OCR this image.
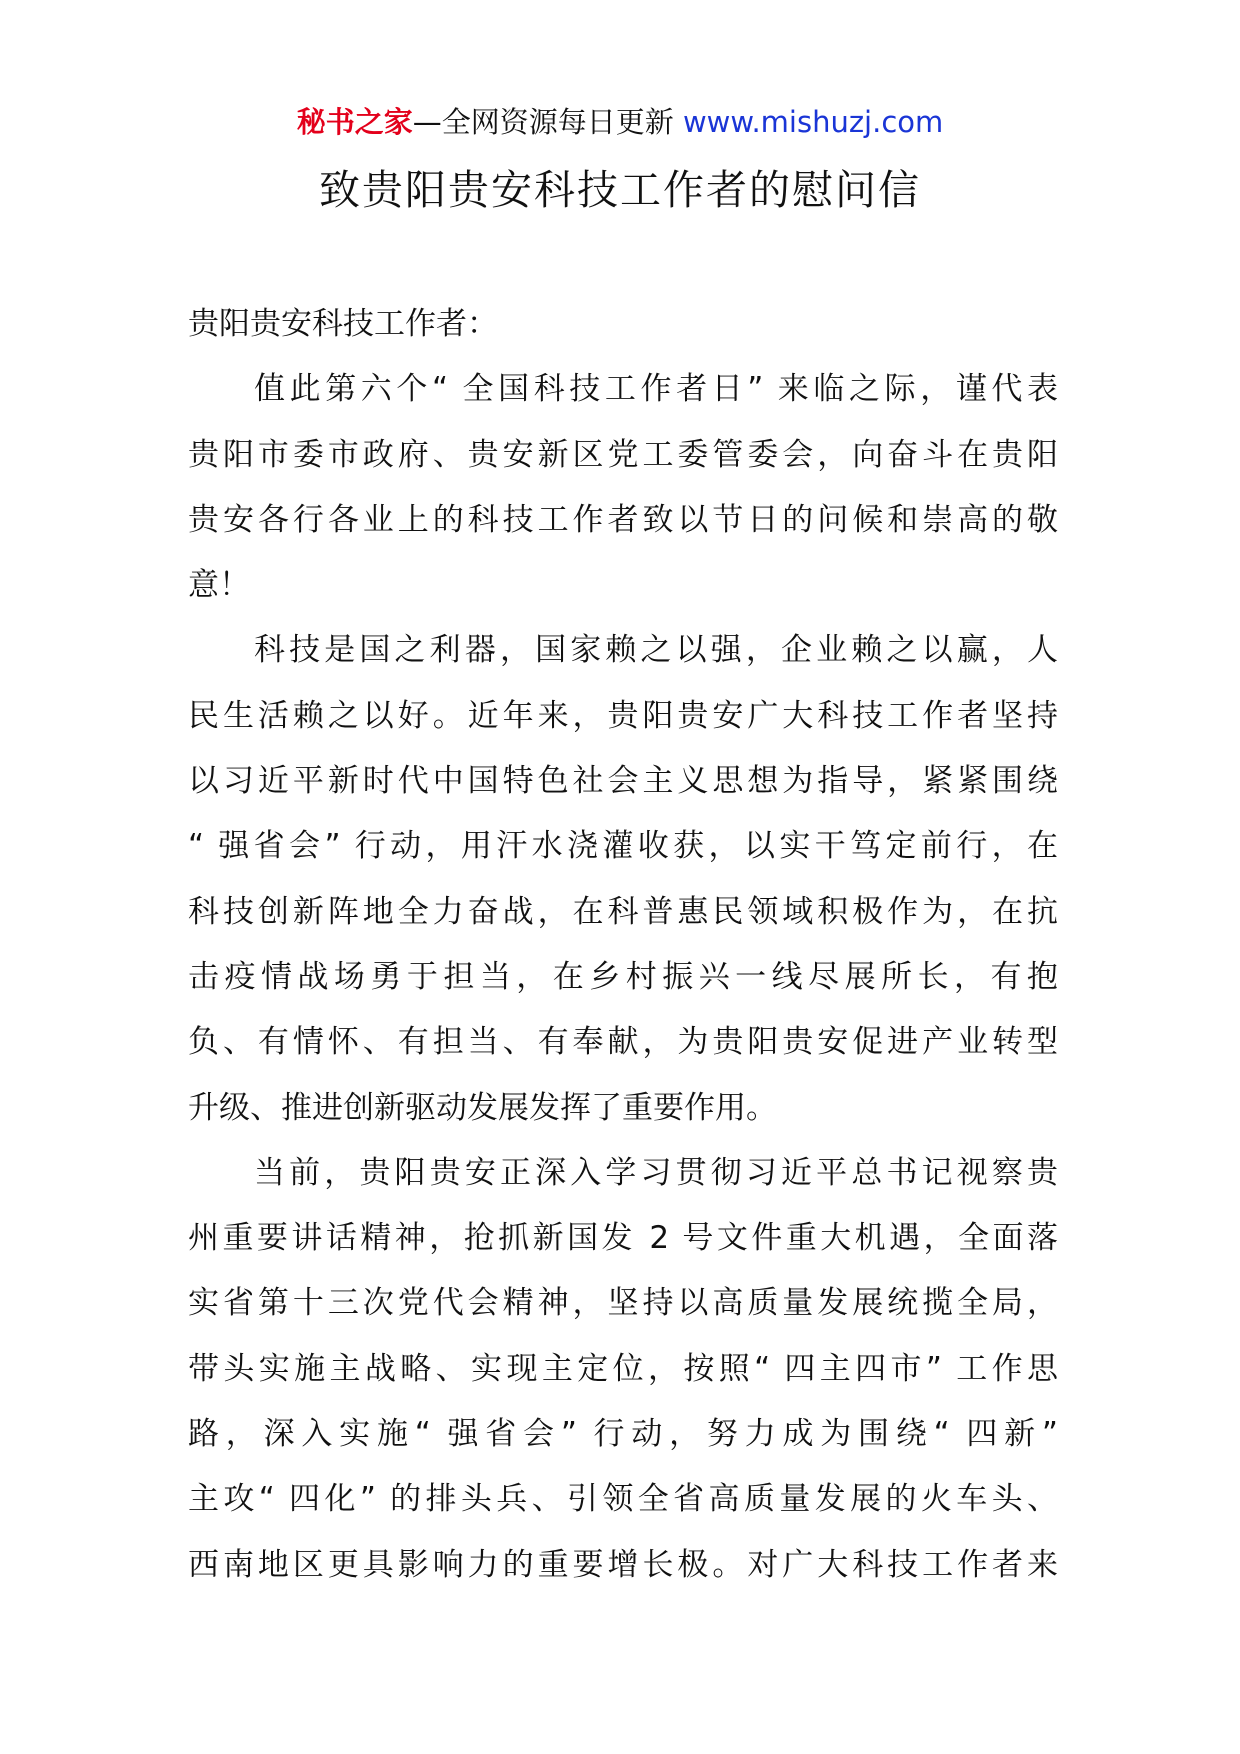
秘书之家—全网资源每日更新 www.mishuzj.com
致贵阳贵安科技工作者的慰问信
贵阳贵安科技工作者：
值此第六个“ 全国科技工作者日” 来临之际，谨代表
贵阳市委市政府、贵安新区党工委管委会，向奋斗在贵阳
贵安各行各业上的科技工作者致以节日的问候和崇高的敬
意！
科技是国之利器，国家赖之以强，企业赖之以赢，人
民生活赖之以好。近年来，贵阳贵安广大科技工作者坚持
以习近平新时代中国特色社会主义思想为指导，紧紧围绕
“ 强省会” 行动，用汗水浇灌收获，以实干笃定前行，在
科技创新阵地全力奋战，在科普惠民领域积极作为，在抗
击疫情战场勇于担当，在乡村振兴一线尽展所长，有抱
负、有情怀、有担当、有奉献，为贵阳贵安促进产业转型
升级、推进创新驱动发展发挥了重要作用。
当前，贵阳贵安正深入学习贯彻习近平总书记视察贵
州重要讲话精神，抢抓新国发 2 号文件重大机遇，全面落
实省第十三次党代会精神，坚持以高质量发展统揽全局，
带头实施主战略、实现主定位，按照“ 四主四市” 工作思
路，深入实施“ 强省会” 行动，努力成为围绕“ 四新”
主攻“ 四化” 的排头兵、引领全省高质量发展的火车头、
西南地区更具影响力的重要增长极。对广大科技工作者来
